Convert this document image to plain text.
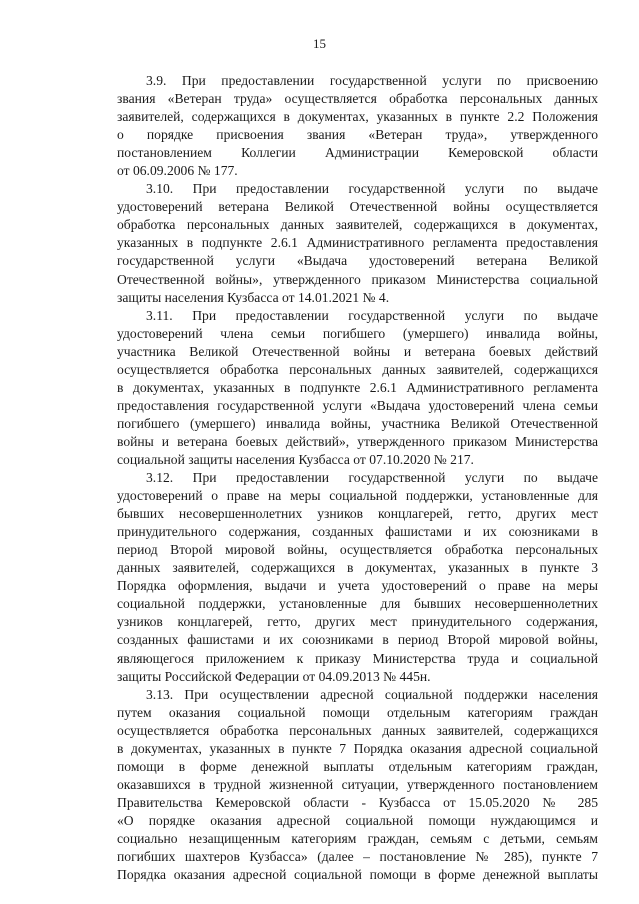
15
3.9. При предоставлении государственной услуги по присвоению
звания «Ветеран труда» осуществляется обработка персональных данных
заявителей, содержащихся в документах, указанных в пункте 2.2 Положения
о порядке присвоения звания «Ветеран труда», утвержденного
постановлением Коллегии Администрации Кемеровской области
от 06.09.2006 № 177.
3.10. При предоставлении государственной услуги по выдаче
удостоверений ветерана Великой Отечественной войны осуществляется
обработка персональных данных заявителей, содержащихся в документах,
указанных в подпункте 2.6.1 Административного регламента предоставления
государственной услуги «Выдача удостоверений ветерана Великой
Отечественной войны», утвержденного приказом Министерства социальной
защиты населения Кузбасса от 14.01.2021 № 4.
3.11. При предоставлении государственной услуги по выдаче
удостоверений члена семьи погибшего (умершего) инвалида войны,
участника Великой Отечественной войны и ветерана боевых действий
осуществляется обработка персональных данных заявителей, содержащихся
в документах, указанных в подпункте 2.6.1 Административного регламента
предоставления государственной услуги «Выдача удостоверений члена семьи
погибшего (умершего) инвалида войны, участника Великой Отечественной
войны и ветерана боевых действий», утвержденного приказом Министерства
социальной защиты населения Кузбасса от 07.10.2020 № 217.
3.12. При предоставлении государственной услуги по выдаче
удостоверений о праве на меры социальной поддержки, установленные для
бывших несовершеннолетних узников концлагерей, гетто, других мест
принудительного содержания, созданных фашистами и их союзниками в
период Второй мировой войны, осуществляется обработка персональных
данных заявителей, содержащихся в документах, указанных в пункте 3
Порядка оформления, выдачи и учета удостоверений о праве на меры
социальной поддержки, установленные для бывших несовершеннолетних
узников концлагерей, гетто, других мест принудительного содержания,
созданных фашистами и их союзниками в период Второй мировой войны,
являющегося приложением к приказу Министерства труда и социальной
защиты Российской Федерации от 04.09.2013 № 445н.
3.13. При осуществлении адресной социальной поддержки населения
путем оказания социальной помощи отдельным категориям граждан
осуществляется обработка персональных данных заявителей, содержащихся
в документах, указанных в пункте 7 Порядка оказания адресной социальной
помощи в форме денежной выплаты отдельным категориям граждан,
оказавшихся в трудной жизненной ситуации, утвержденного постановлением
Правительства Кемеровской области - Кузбасса от 15.05.2020 № 285
«О порядке оказания адресной социальной помощи нуждающимся и
социально незащищенным категориям граждан, семьям с детьми, семьям
погибших шахтеров Кузбасса» (далее – постановление № 285), пункте 7
Порядка оказания адресной социальной помощи в форме денежной выплаты
